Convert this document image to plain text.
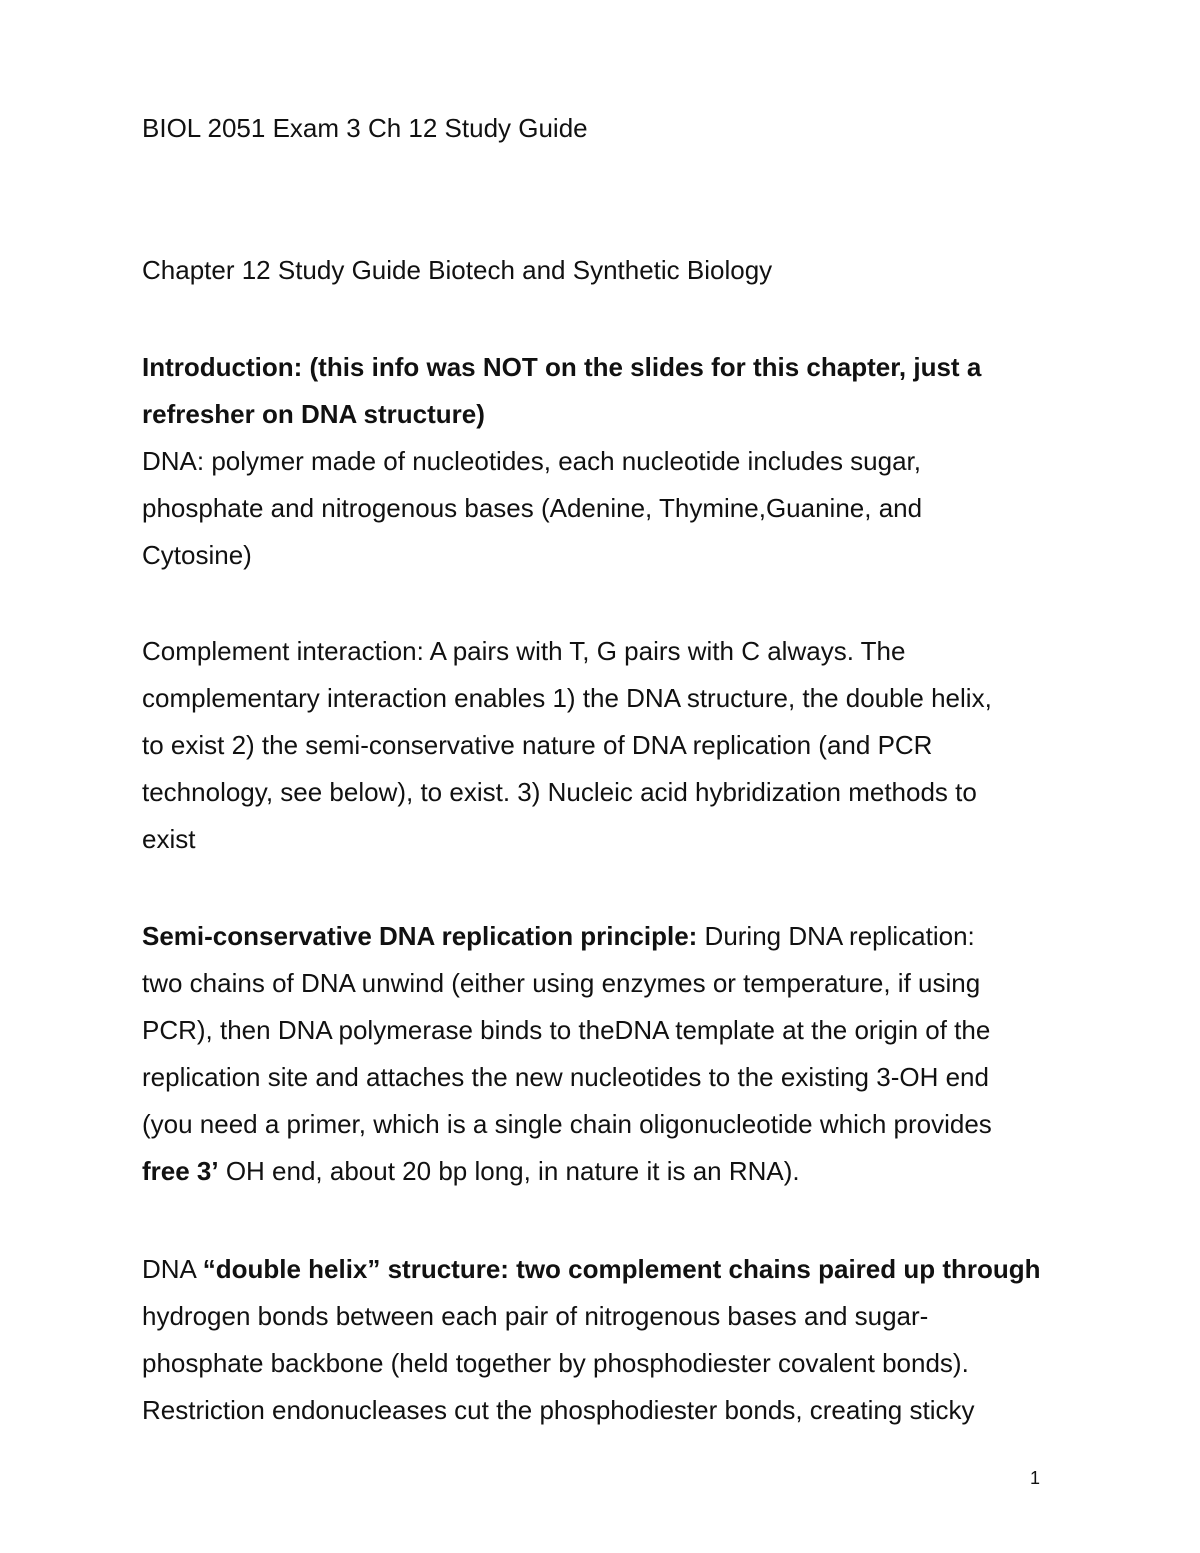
BIOL 2051 Exam 3 Ch 12 Study Guide
Chapter 12 Study Guide Biotech and Synthetic Biology
Introduction: (this info was NOT on the slides for this chapter, just a
refresher on DNA structure)
DNA: polymer made of nucleotides, each nucleotide includes sugar,
phosphate and nitrogenous bases (Adenine, Thymine,Guanine, and
Cytosine)
Complement interaction: A pairs with T, G pairs with C always. The
complementary interaction enables 1) the DNA structure, the double helix,
to exist 2) the semi-conservative nature of DNA replication (and PCR
technology, see below), to exist. 3) Nucleic acid hybridization methods to
exist
Semi-conservative DNA replication principle: During DNA replication:
two chains of DNA unwind (either using enzymes or temperature, if using
PCR), then DNA polymerase binds to theDNA template at the origin of the
replication site and attaches the new nucleotides to the existing 3-OH end
(you need a primer, which is a single chain oligonucleotide which provides
free 3’ OH end, about 20 bp long, in nature it is an RNA).
DNA “double helix” structure: two complement chains paired up through
hydrogen bonds between each pair of nitrogenous bases and sugar-
phosphate backbone (held together by phosphodiester covalent bonds).
Restriction endonucleases cut the phosphodiester bonds, creating sticky
1
